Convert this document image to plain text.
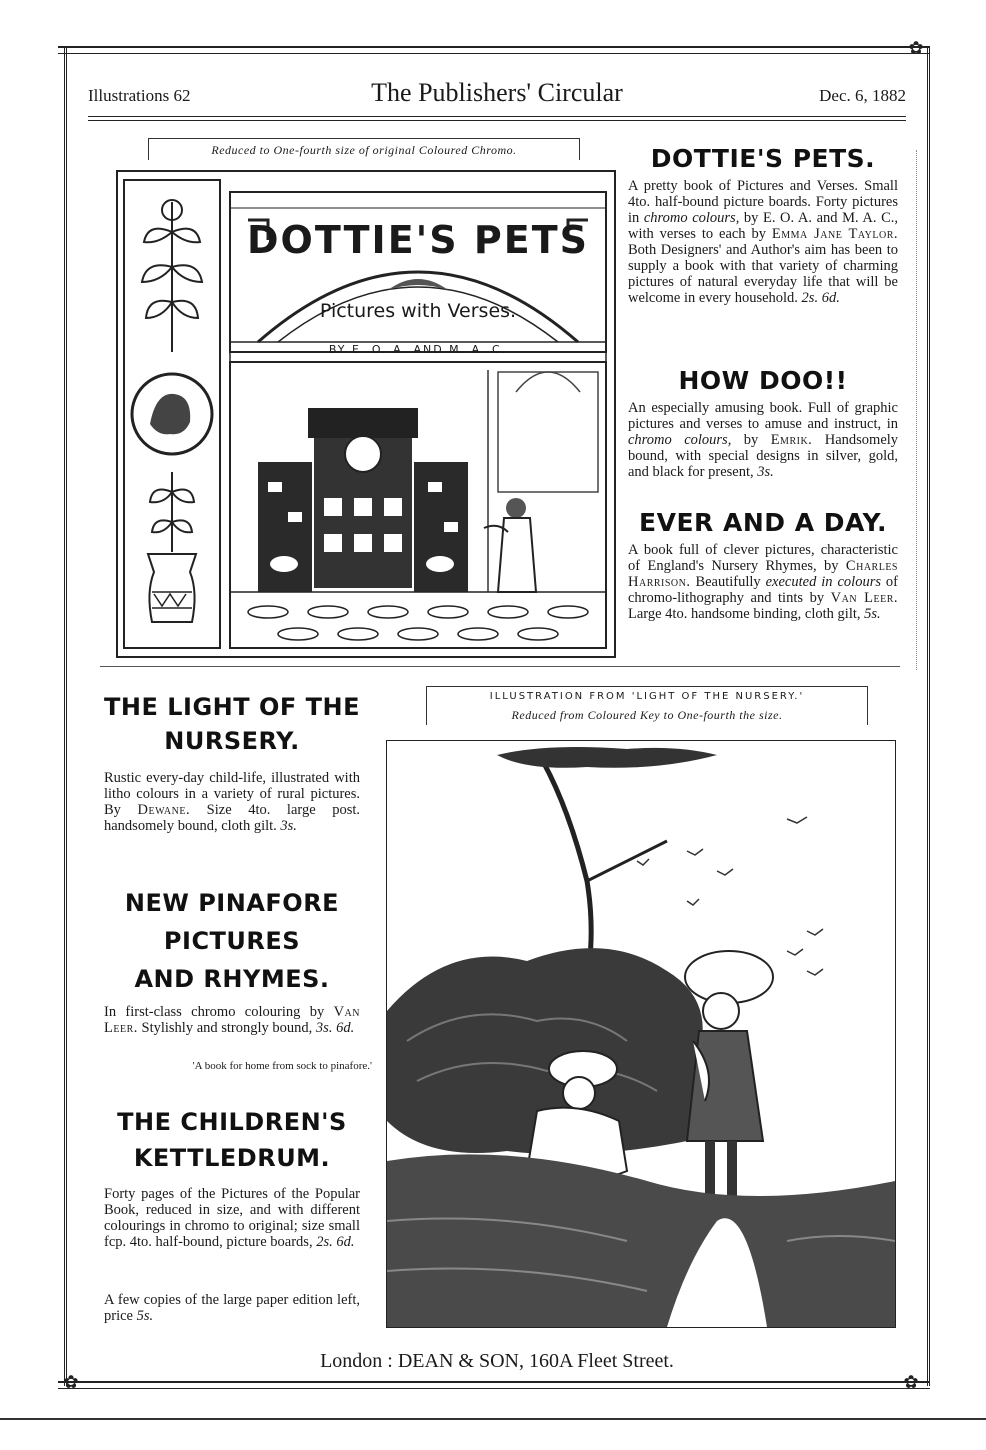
✿
✿	✿
Illustrations 62	The Publishers' Circular	Dec. 6, 1882
Reduced to One-fourth size of original Coloured Chromo.
DOTTIE'S PETS
Pictures with Verses.
BY E. O. A. AND M. A. C.
DOTTIE'S PETS.

A pretty book of Pictures and Verses. Small 4to. half-bound picture boards. Forty pictures in chromo colours, by E. O. A. and M. A. C., with verses to each by Emma Jane Taylor. Both Designers' and Author's aim has been to supply a book with that variety of charming pictures of natural everyday life that will be welcome in every household. 2s. 6d.

HOW DOO!!

An especially amusing book. Full of graphic pictures and verses to amuse and instruct, in chromo colours, by Emrik. Handsomely bound, with special designs in silver, gold, and black for present, 3s.

EVER AND A DAY.

A book full of clever pictures, characteristic of England's Nursery Rhymes, by Charles Harrison. Beautifully executed in colours of chromo-lithography and tints by Van Leer. Large 4to. handsome binding, cloth gilt, 5s.

THE LIGHT OF THE
NURSERY.

Rustic every-day child-life, illustrated with litho colours in a variety of rural pictures. By Dewane. Size 4to. large post. handsomely bound, cloth gilt. 3s.

NEW PINAFORE
PICTURES
AND RHYMES.

In first-class chromo colouring by Van Leer. Stylishly and strongly bound, 3s. 6d.

'A book for home from sock to pinafore.'

THE CHILDREN'S
KETTLEDRUM.

Forty pages of the Pictures of the Popular Book, reduced in size, and with different colourings in chromo to original; size small fcp. 4to. half-bound, picture boards, 2s. 6d.

A few copies of the large paper edition left, price 5s.

ILLUSTRATION FROM 'LIGHT OF THE NURSERY.'
Reduced from Coloured Key to One-fourth the size.
London : DEAN & SON, 160A Fleet Street.
